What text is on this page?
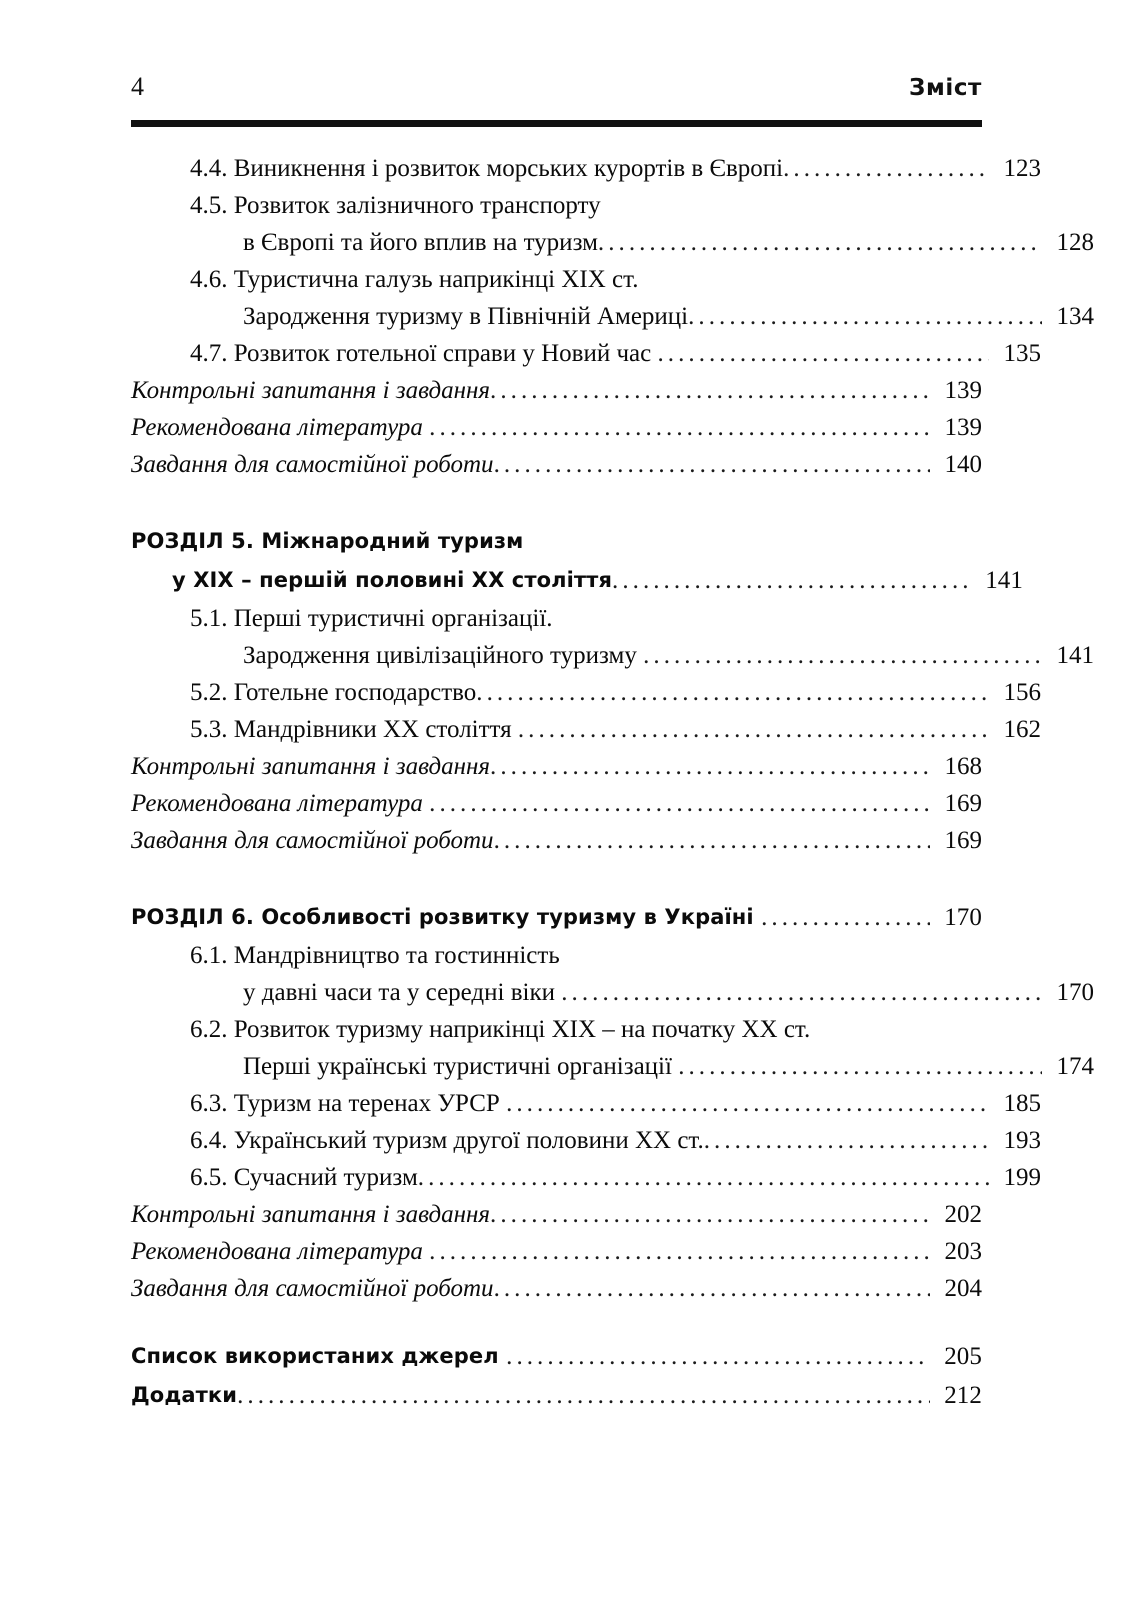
4	Зміст
4.4. Виникнення і розвиток морських курортів в Європі . . .	123
4.5. Розвиток залізничного транспорту
в Європі та його вплив на туризм . . .	128
4.6. Туристична галузь наприкінці XIX ст.
Зародження туризму в Північній Америці . . .	134
4.7. Розвиток готельної справи у Новий час . . .	135
Контрольні запитання і завдання . . .	139
Рекомендована література . . .	139
Завдання для самостійної роботи . . .	140
РОЗДІЛ 5. Міжнародний туризм
у XIX – першій половині XX століття . . .	141
5.1. Перші туристичні організації.
Зародження цивілізаційного туризму . . .	141
5.2. Готельне господарство . . .	156
5.3. Мандрівники XX століття . . .	162
Контрольні запитання і завдання . . .	168
Рекомендована література . . .	169
Завдання для самостійної роботи . . .	169
РОЗДІЛ 6. Особливості розвитку туризму в Україні . . .	170
6.1. Мандрівництво та гостинність
у давні часи та у середні віки . . .	170
6.2. Розвиток туризму наприкінці XIX – на початку XX ст.
Перші українські туристичні організації . . .	174
6.3. Туризм на теренах УРСР . . .	185
6.4. Український туризм другої половини XX ст. . . .	193
6.5. Сучасний туризм . . .	199
Контрольні запитання і завдання . . .	202
Рекомендована література . . .	203
Завдання для самостійної роботи . . .	204
Список використаних джерел . . .	205
Додатки . . .	212
